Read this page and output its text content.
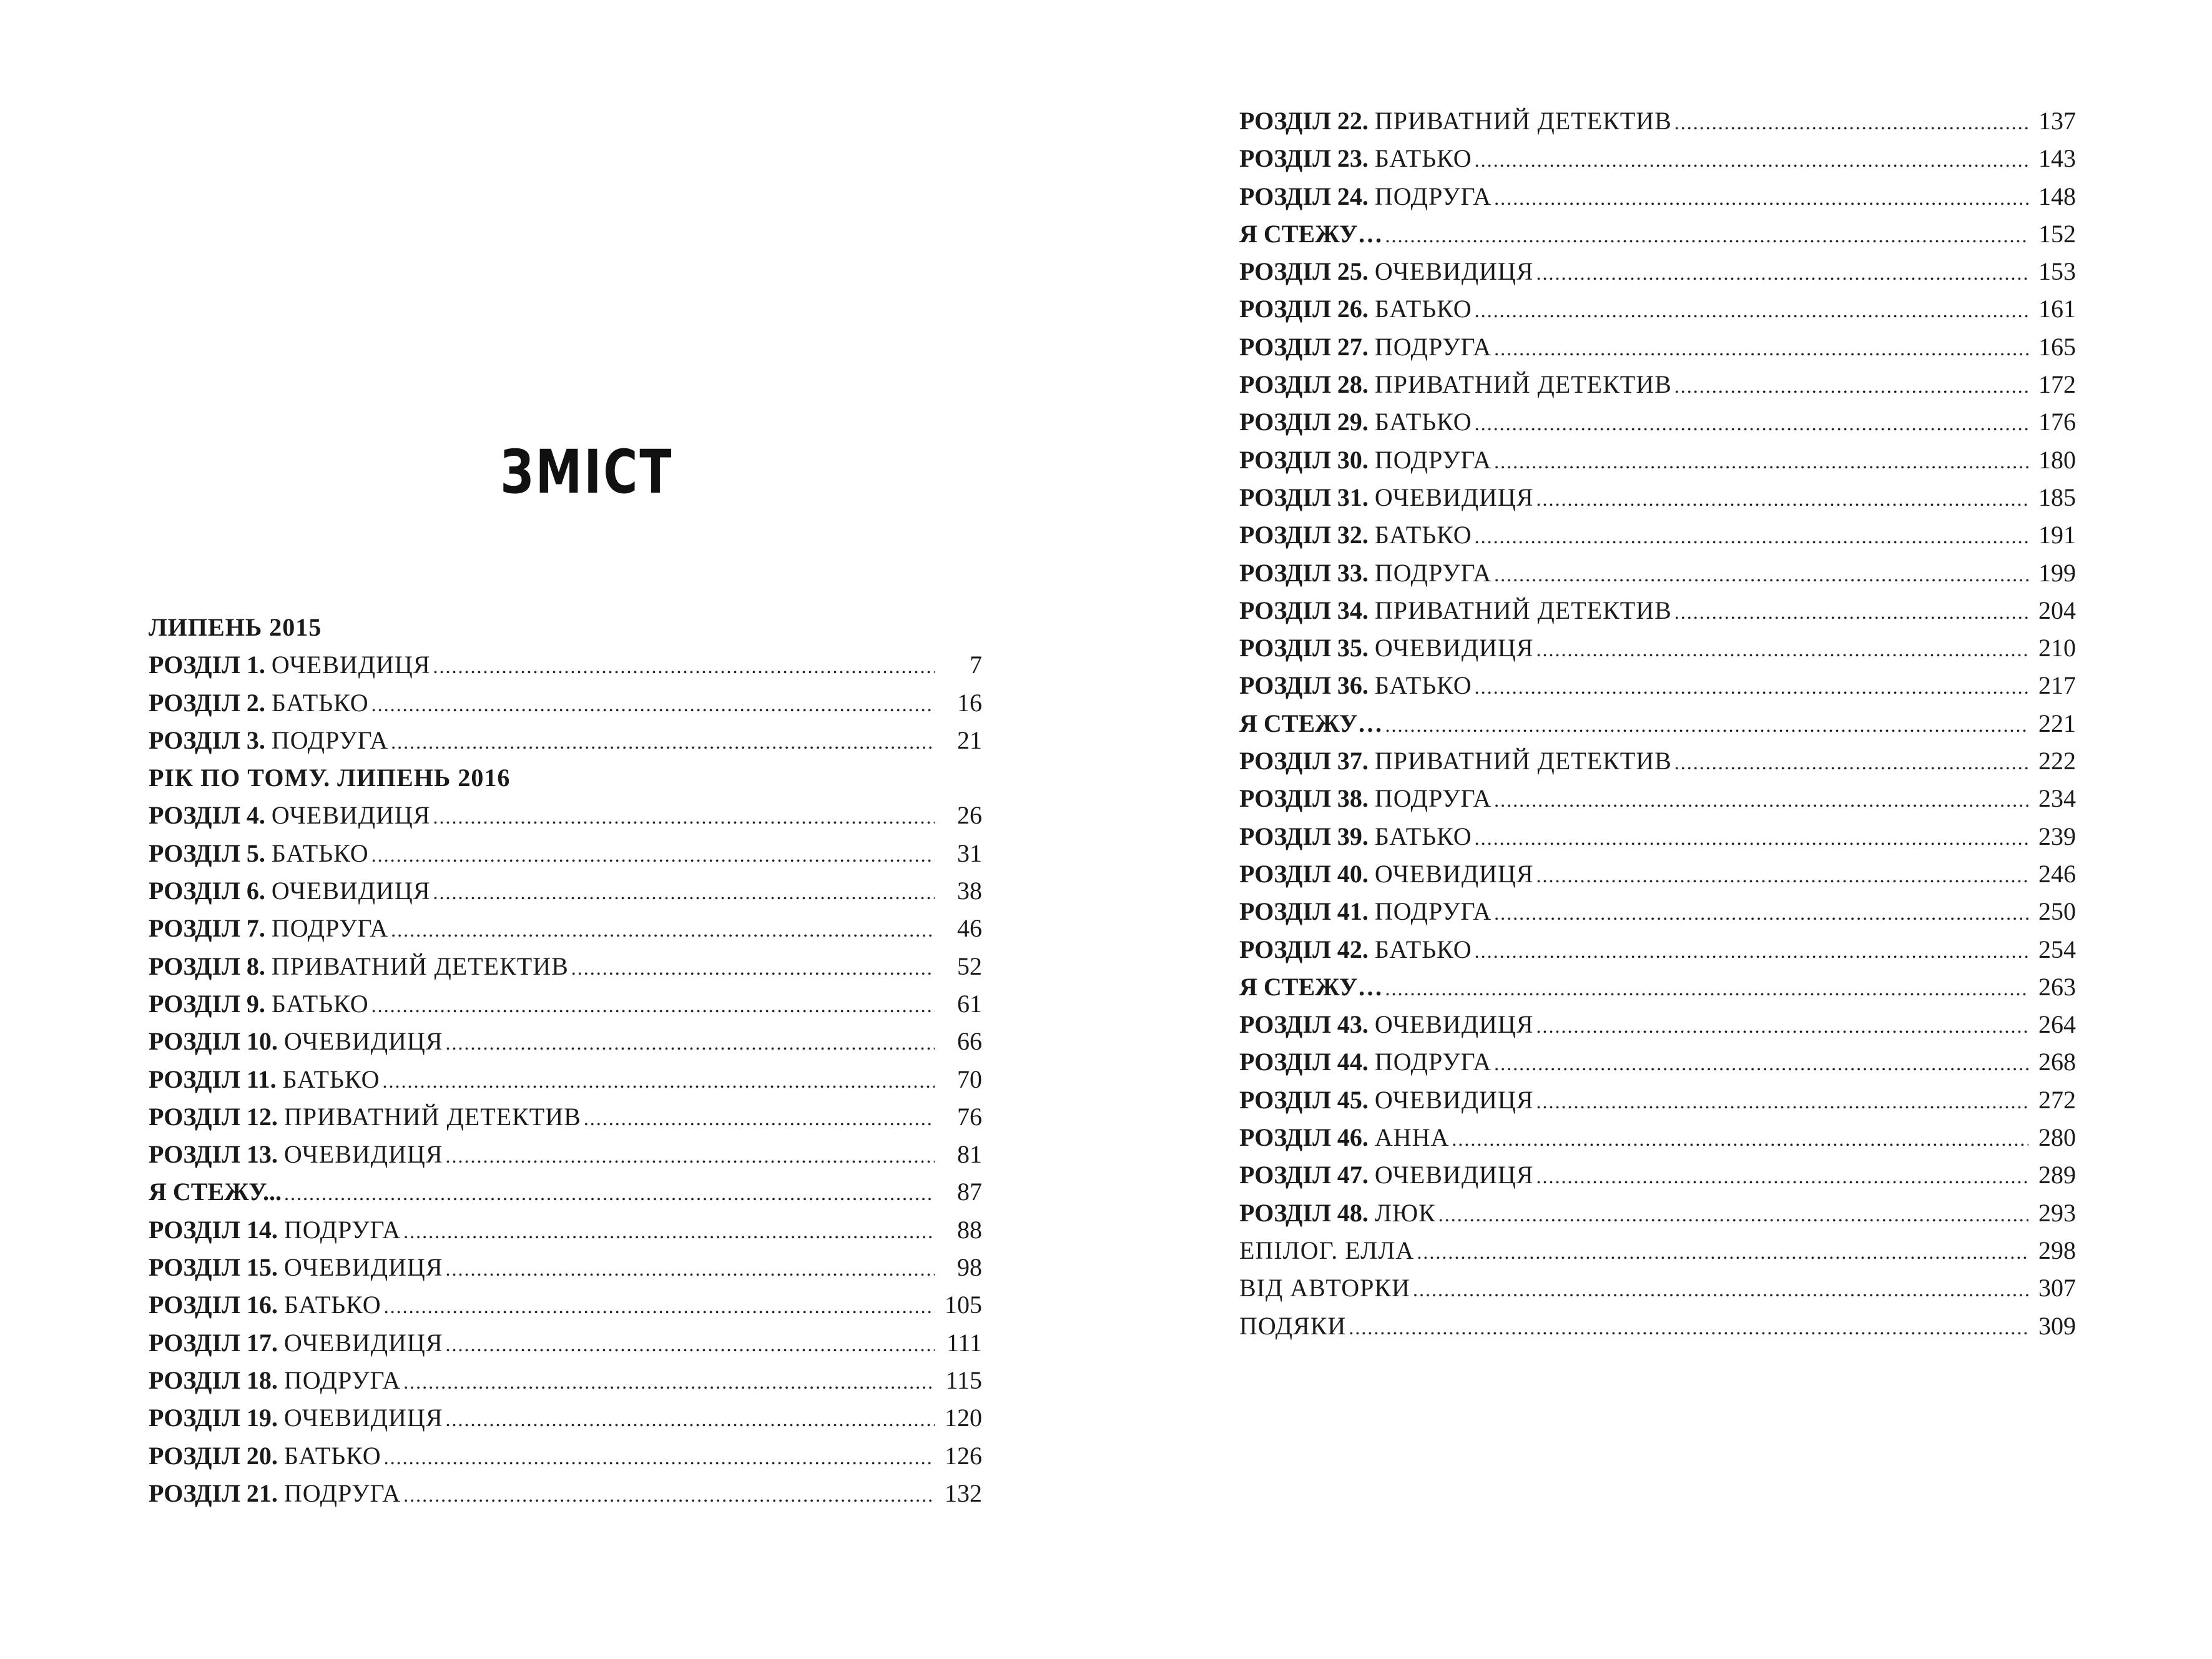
ЗМІСТ
ЛИПЕНЬ 2015
РОЗДІЛ 1. ОЧЕВИДИЦЯ . . .	7
РОЗДІЛ 2. БАТЬКО . . .	16
РОЗДІЛ 3. ПОДРУГА . . .	21
РІК ПО ТОМУ. ЛИПЕНЬ 2016
РОЗДІЛ 4. ОЧЕВИДИЦЯ . . .	26
РОЗДІЛ 5. БАТЬКО . . .	31
РОЗДІЛ 6. ОЧЕВИДИЦЯ . . .	38
РОЗДІЛ 7. ПОДРУГА . . .	46
РОЗДІЛ 8. ПРИВАТНИЙ ДЕТЕКТИВ . . .	52
РОЗДІЛ 9. БАТЬКО . . .	61
РОЗДІЛ 10. ОЧЕВИДИЦЯ . . .	66
РОЗДІЛ 11. БАТЬКО . . .	70
РОЗДІЛ 12. ПРИВАТНИЙ ДЕТЕКТИВ . . .	76
РОЗДІЛ 13. ОЧЕВИДИЦЯ . . .	81
Я СТЕЖУ... . . .	87
РОЗДІЛ 14. ПОДРУГА . . .	88
РОЗДІЛ 15. ОЧЕВИДИЦЯ . . .	98
РОЗДІЛ 16. БАТЬКО . . .	105
РОЗДІЛ 17. ОЧЕВИДИЦЯ . . .	111
РОЗДІЛ 18. ПОДРУГА . . .	115
РОЗДІЛ 19. ОЧЕВИДИЦЯ . . .	120
РОЗДІЛ 20. БАТЬКО . . .	126
РОЗДІЛ 21. ПОДРУГА . . .	132
РОЗДІЛ 22. ПРИВАТНИЙ ДЕТЕКТИВ . . .	137
РОЗДІЛ 23. БАТЬКО . . .	143
РОЗДІЛ 24. ПОДРУГА . . .	148
Я СТЕЖУ… . . .	152
РОЗДІЛ 25. ОЧЕВИДИЦЯ . . .	153
РОЗДІЛ 26. БАТЬКО . . .	161
РОЗДІЛ 27. ПОДРУГА . . .	165
РОЗДІЛ 28. ПРИВАТНИЙ ДЕТЕКТИВ . . .	172
РОЗДІЛ 29. БАТЬКО . . .	176
РОЗДІЛ 30. ПОДРУГА . . .	180
РОЗДІЛ 31. ОЧЕВИДИЦЯ . . .	185
РОЗДІЛ 32. БАТЬКО . . .	191
РОЗДІЛ 33. ПОДРУГА . . .	199
РОЗДІЛ 34. ПРИВАТНИЙ ДЕТЕКТИВ . . .	204
РОЗДІЛ 35. ОЧЕВИДИЦЯ . . .	210
РОЗДІЛ 36. БАТЬКО . . .	217
Я СТЕЖУ… . . .	221
РОЗДІЛ 37. ПРИВАТНИЙ ДЕТЕКТИВ . . .	222
РОЗДІЛ 38. ПОДРУГА . . .	234
РОЗДІЛ 39. БАТЬКО . . .	239
РОЗДІЛ 40. ОЧЕВИДИЦЯ . . .	246
РОЗДІЛ 41. ПОДРУГА . . .	250
РОЗДІЛ 42. БАТЬКО . . .	254
Я СТЕЖУ… . . .	263
РОЗДІЛ 43. ОЧЕВИДИЦЯ . . .	264
РОЗДІЛ 44. ПОДРУГА . . .	268
РОЗДІЛ 45. ОЧЕВИДИЦЯ . . .	272
РОЗДІЛ 46. АННА . . .	280
РОЗДІЛ 47. ОЧЕВИДИЦЯ . . .	289
РОЗДІЛ 48. ЛЮК . . .	293
ЕПІЛОГ. ЕЛЛА . . .	298
ВІД АВТОРКИ . . .	307
ПОДЯКИ . . .	309
